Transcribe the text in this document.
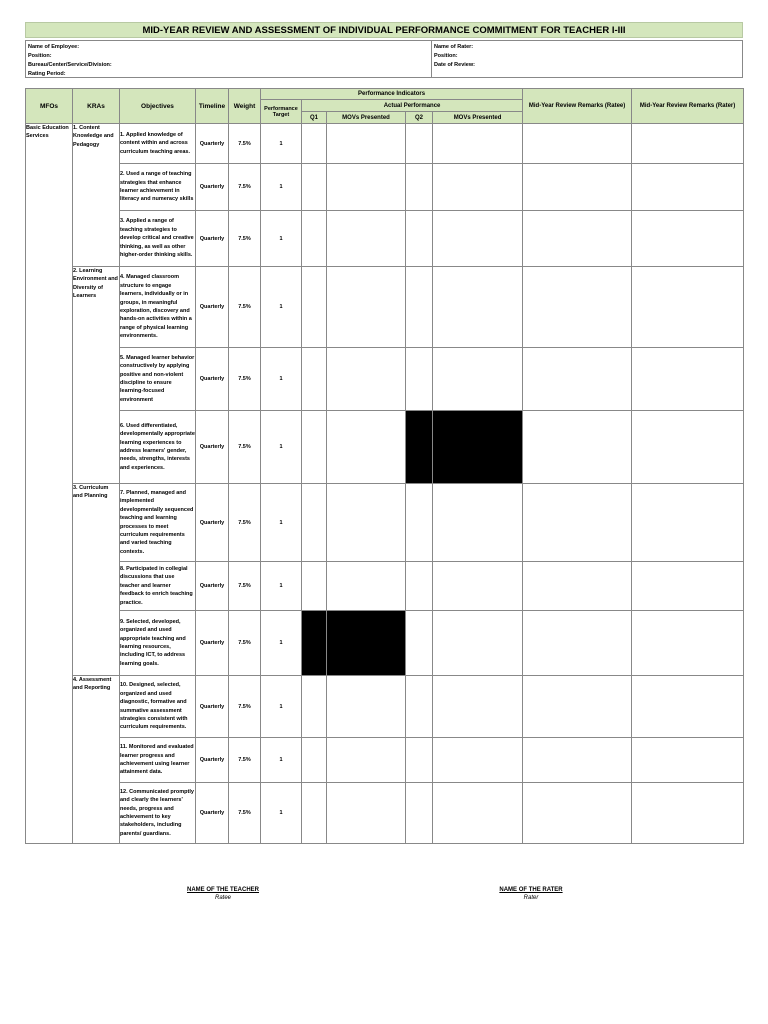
MID-YEAR REVIEW AND ASSESSMENT OF INDIVIDUAL PERFORMANCE COMMITMENT FOR TEACHER I-III
Name of Employee:
Position:
Bureau/Center/Service/Division:
Rating Period:
Name of Rater:
Position:
Date of Review:
MFOs	KRAs	Objectives	Timeline	Weight	Performance Indicators					Mid-Year Review Remarks (Ratee)	Mid-Year Review Remarks (Rater)
					Performance Target	Actual Performance					
						Q1	MOVs Presented	Q2	MOVs Presented		
Basic Education Services	1. Content Knowledge and Pedagogy	1. Applied knowledge of content within and across curriculum teaching areas.	Quarterly	7.5%	1						
		2. Used a range of teaching strategies that enhance learner achievement in literacy and numeracy skills	Quarterly	7.5%	1						
		3. Applied a range of teaching strategies to develop critical and creative thinking, as well as other higher-order thinking skills.	Quarterly	7.5%	1						
	2. Learning Environment and Diversity of Learners	4. Managed classroom structure to engage learners, individually or in groups, in meaningful exploration, discovery and hands-on activities within a range of physical learning environments.	Quarterly	7.5%	1						
		5. Managed learner behavior constructively by applying positive and non-violent discipline to ensure learning-focused environment	Quarterly	7.5%	1						
		6. Used differentiated, developmentally appropriate learning experiences to address learners' gender, needs, strengths, interests and experiences.	Quarterly	7.5%	1						
	3. Curriculum and Planning	7. Planned, managed and implemented developmentally sequenced teaching and learning processes to meet curriculum requirements and varied teaching contexts.	Quarterly	7.5%	1						
		8. Participated in collegial discussions that use teacher and learner feedback to enrich teaching practice.	Quarterly	7.5%	1						
		9. Selected, developed, organized and used appropriate teaching and learning resources, including ICT, to address learning goals.	Quarterly	7.5%	1						
	4. Assessment and Reporting	10. Designed, selected, organized and used diagnostic, formative and summative assessment strategies consistent with curriculum requirements.	Quarterly	7.5%	1						
		11. Monitored and evaluated learner progress and achievement using learner attainment data.	Quarterly	7.5%	1						
		12. Communicated promptly and clearly the learners' needs, progress and achievement to key stakeholders, including parents/ guardians.	Quarterly	7.5%	1						
NAME OF THE TEACHER
Ratee
NAME OF THE RATER
Rater
